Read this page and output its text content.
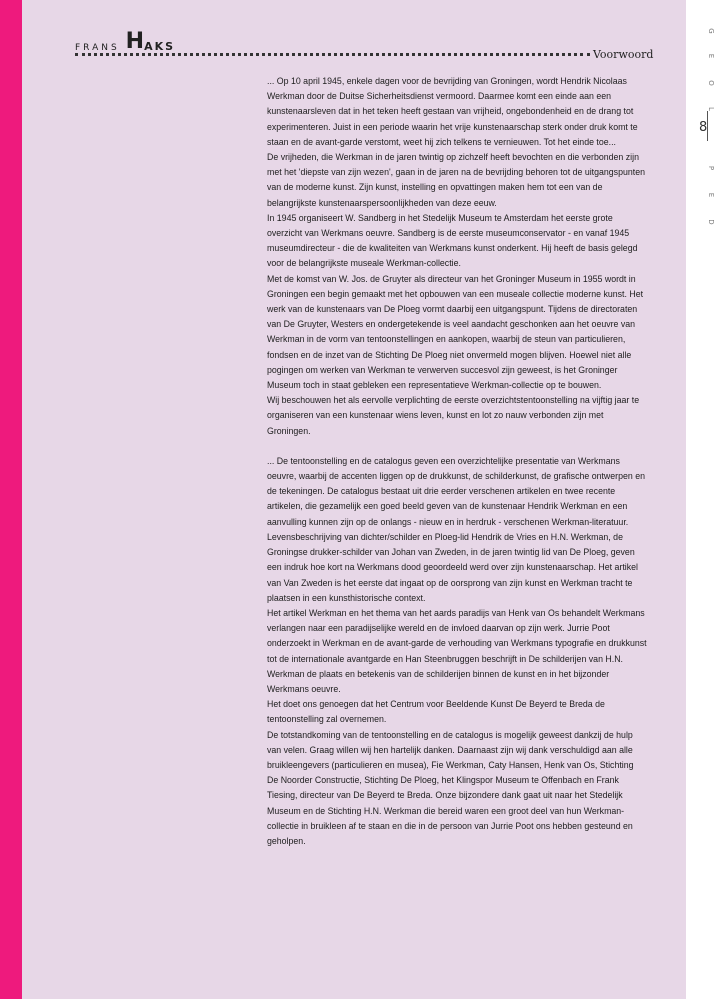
FRANS HAKS
Voorwoord
D
E
P
L
O
E
G
8

... Op 10 april 1945, enkele dagen voor de bevrijding van Groningen, wordt Hendrik Nicolaas Werkman door de Duitse Sicherheitsdienst vermoord. Daarmee komt een einde aan een kunstenaarsleven dat in het teken heeft gestaan van vrijheid, ongebondenheid en de drang tot experimenteren. Juist in een periode waarin het vrije kunstenaarschap sterk onder druk komt te staan en de avant-garde verstomt, weet hij zich telkens te vernieuwen. Tot het einde toe...

De vrijheden, die Werkman in de jaren twintig op zichzelf heeft bevochten en die verbonden zijn met het 'diepste van zijn wezen', gaan in de jaren na de bevrijding behoren tot de uitgangspunten van de moderne kunst. Zijn kunst, instelling en opvattingen maken hem tot een van de belangrijkste kunstenaarspersoonlijkheden van deze eeuw.

In 1945 organiseert W. Sandberg in het Stedelijk Museum te Amsterdam het eerste grote overzicht van Werkmans oeuvre. Sandberg is de eerste museumconservator - en vanaf 1945 museumdirecteur - die de kwaliteiten van Werkmans kunst onderkent. Hij heeft de basis gelegd voor de belangrijkste museale Werkman-collectie.

Met de komst van W. Jos. de Gruyter als directeur van het Groninger Museum in 1955 wordt in Groningen een begin gemaakt met het opbouwen van een museale collectie moderne kunst. Het werk van de kunstenaars van De Ploeg vormt daarbij een uitgangspunt. Tijdens de directoraten van De Gruyter, Westers en ondergetekende is veel aandacht geschonken aan het oeuvre van Werkman in de vorm van tentoonstellingen en aankopen, waarbij de steun van particulieren, fondsen en de inzet van de Stichting De Ploeg niet onvermeld mogen blijven. Hoewel niet alle pogingen om werken van Werkman te verwerven succesvol zijn geweest, is het Groninger Museum toch in staat gebleken een representatieve Werkman-collectie op te bouwen.

Wij beschouwen het als eervolle verplichting de eerste overzichtstentoonstelling na vijftig jaar te organiseren van een kunstenaar wiens leven, kunst en lot zo nauw verbonden zijn met Groningen.

... De tentoonstelling en de catalogus geven een overzichtelijke presentatie van Werkmans oeuvre, waarbij de accenten liggen op de drukkunst, de schilderkunst, de grafische ontwerpen en de tekeningen. De catalogus bestaat uit drie eerder verschenen artikelen en twee recente artikelen, die gezamelijk een goed beeld geven van de kunstenaar Hendrik Werkman en een aanvulling kunnen zijn op de onlangs - nieuw en in herdruk - verschenen Werkman-literatuur. Levensbeschrijving van dichter/schilder en Ploeg-lid Hendrik de Vries en H.N. Werkman, de Groningse drukker-schilder van Johan van Zweden, in de jaren twintig lid van De Ploeg, geven een indruk hoe kort na Werkmans dood geoordeeld werd over zijn kunstenaarschap. Het artikel van Van Zweden is het eerste dat ingaat op de oorsprong van zijn kunst en Werkman tracht te plaatsen in een kunsthistorische context.

Het artikel Werkman en het thema van het aards paradijs van Henk van Os behandelt Werkmans verlangen naar een paradijselijke wereld en de invloed daarvan op zijn werk. Jurrie Poot onderzoekt in Werkman en de avant-garde de verhouding van Werkmans typografie en drukkunst tot de internationale avantgarde en Han Steenbruggen beschrijft in De schilderijen van H.N. Werkman de plaats en betekenis van de schilderijen binnen de kunst en in het bijzonder Werkmans oeuvre.

Het doet ons genoegen dat het Centrum voor Beeldende Kunst De Beyerd te Breda de tentoonstelling zal overnemen.

De totstandkoming van de tentoonstelling en de catalogus is mogelijk geweest dankzij de hulp van velen. Graag willen wij hen hartelijk danken. Daarnaast zijn wij dank verschuldigd aan alle bruikleengevers (particulieren en musea), Fie Werkman, Caty Hansen, Henk van Os, Stichting De Noorder Constructie, Stichting De Ploeg, het Klingspor Museum te Offenbach en Frank Tiesing, directeur van De Beyerd te Breda. Onze bijzondere dank gaat uit naar het Stedelijk Museum en de Stichting H.N. Werkman die bereid waren een groot deel van hun Werkman-collectie in bruikleen af te staan en die in de persoon van Jurrie Poot ons hebben gesteund en geholpen.
